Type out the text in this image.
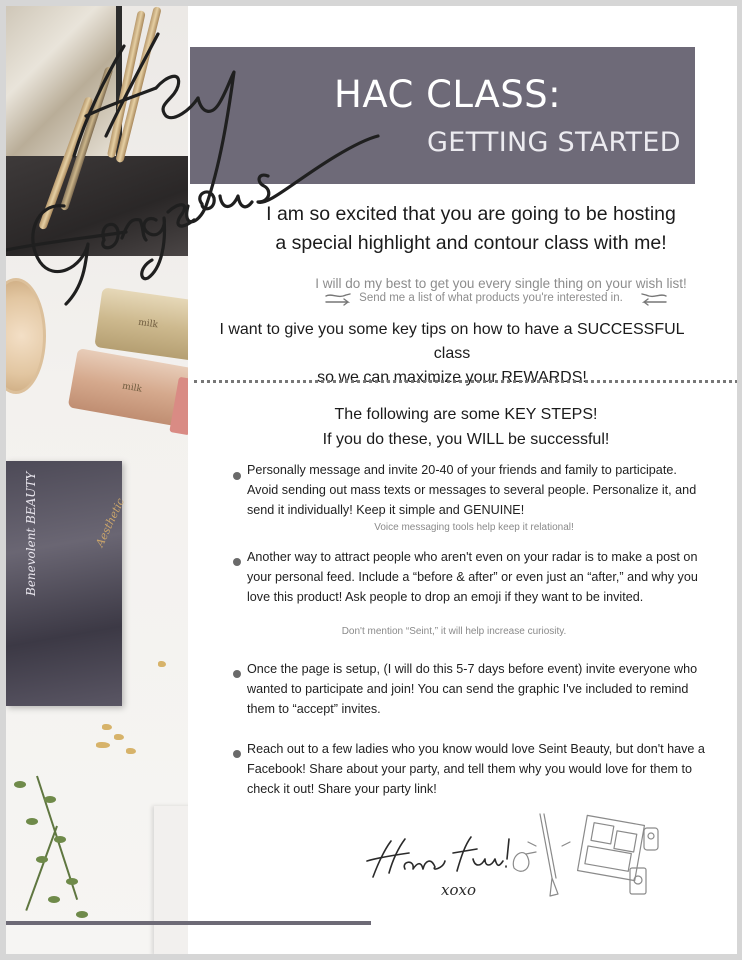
milk
milk
Benevolent BEAUTY	Aesthetic
HAC CLASS:
GETTING STARTED
I am so excited that you are going to be hosting
a special highlight and contour class with me!
I will do my best to get you every single thing on your wish list!
Send me a list of what products you're interested in.
I want to give you some key tips on how to have a SUCCESSFUL class
so we can maximize your REWARDS!
The following are some KEY STEPS!
If you do these, you WILL be successful!
Personally message and invite 20-40 of your friends and family to participate. Avoid sending out mass texts or messages to several people. Personalize it, and send it individually! Keep it simple and GENUINE!
Voice messaging tools help keep it relational!
Another way to attract people who aren't even on your radar is to make a post on your personal feed. Include a “before & after” or even just an “after,” and why you love this product! Ask people to drop an emoji if they want to be invited.
Don't mention “Seint,” it will help increase curiosity.
Once the page is setup, (I will do this 5-7 days before event) invite everyone who wanted to participate and join! You can send the graphic I've included to remind them to “accept” invites.
Reach out to a few ladies who you know would love Seint Beauty, but don't have a Facebook! Share about your party, and tell them why you would love for them to check it out! Share your party link!
xoxo
